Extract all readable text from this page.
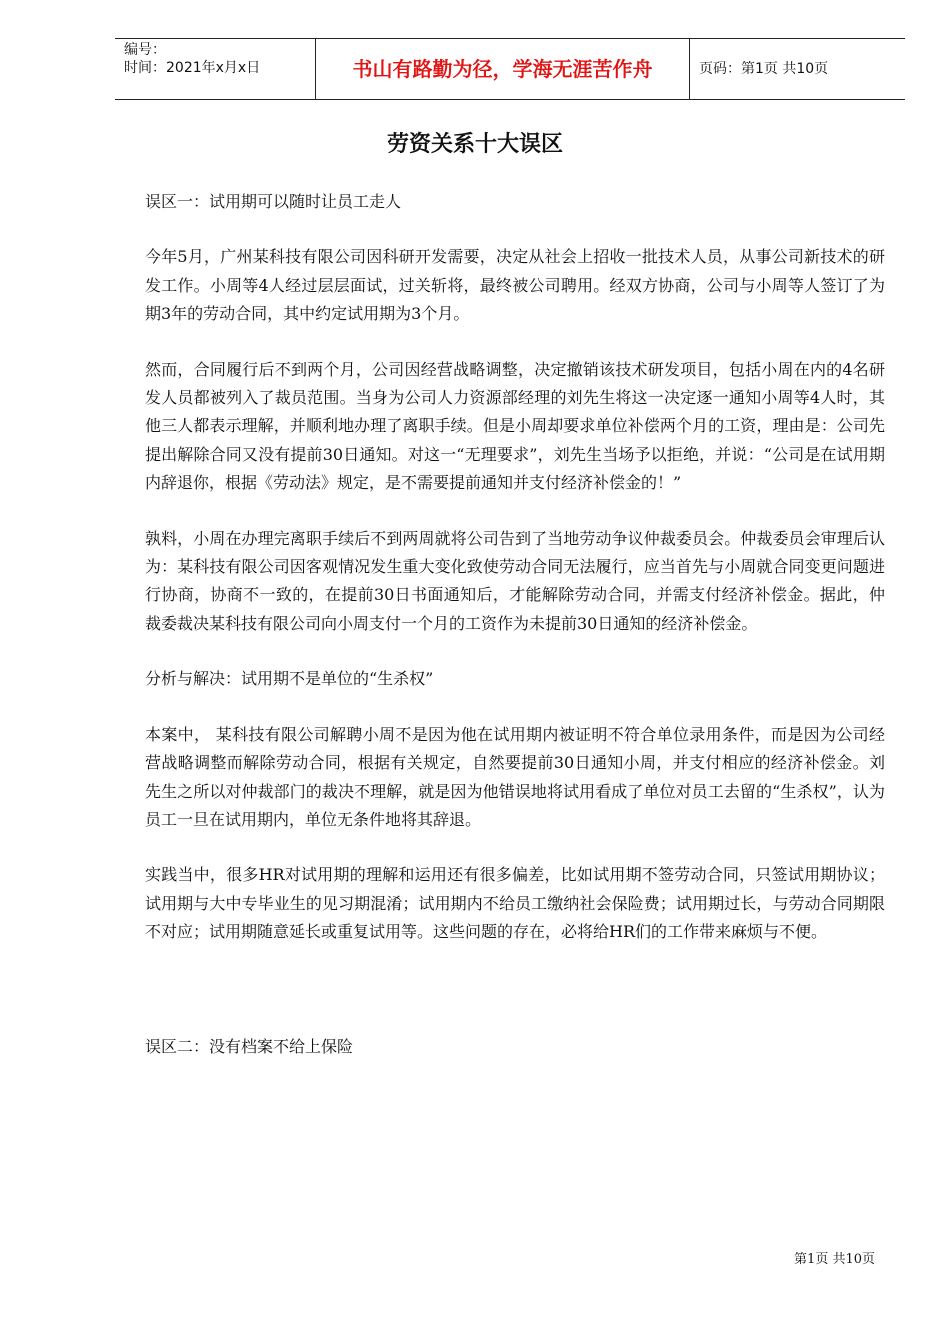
编号：
时间：2021年x月x日	书山有路勤为径，学海无涯苦作舟	页码：第1页 共10页
劳资关系十大误区

误区一：试用期可以随时让员工走人

今年5月，广州某科技有限公司因科研开发需要，决定从社会上招收一批技术人员，从事公司新技术的研发工作。小周等4人经过层层面试，过关斩将，最终被公司聘用。经双方协商，公司与小周等人签订了为期3年的劳动合同，其中约定试用期为3个月。

然而，合同履行后不到两个月，公司因经营战略调整，决定撤销该技术研发项目，包括小周在内的4名研发人员都被列入了裁员范围。当身为公司人力资源部经理的刘先生将这一决定逐一通知小周等4人时，其他三人都表示理解，并顺利地办理了离职手续。但是小周却要求单位补偿两个月的工资，理由是：公司先提出解除合同又没有提前30日通知。对这一“无理要求”，刘先生当场予以拒绝，并说：“公司是在试用期内辞退你，根据《劳动法》规定，是不需要提前通知并支付经济补偿金的！”

孰料，小周在办理完离职手续后不到两周就将公司告到了当地劳动争议仲裁委员会。仲裁委员会审理后认为：某科技有限公司因客观情况发生重大变化致使劳动合同无法履行，应当首先与小周就合同变更问题进行协商，协商不一致的，在提前30日书面通知后，才能解除劳动合同，并需支付经济补偿金。据此，仲裁委裁决某科技有限公司向小周支付一个月的工资作为未提前30日通知的经济补偿金。

分析与解决：试用期不是单位的“生杀权”

本案中， 某科技有限公司解聘小周不是因为他在试用期内被证明不符合单位录用条件，而是因为公司经营战略调整而解除劳动合同，根据有关规定，自然要提前30日通知小周，并支付相应的经济补偿金。刘先生之所以对仲裁部门的裁决不理解，就是因为他错误地将试用看成了单位对员工去留的“生杀权”，认为员工一旦在试用期内，单位无条件地将其辞退。

实践当中，很多HR对试用期的理解和运用还有很多偏差，比如试用期不签劳动合同，只签试用期协议；试用期与大中专毕业生的见习期混淆；试用期内不给员工缴纳社会保险费；试用期过长，与劳动合同期限不对应；试用期随意延长或重复试用等。这些问题的存在，必将给HR们的工作带来麻烦与不便。

误区二：没有档案不给上保险

第1页 共10页
